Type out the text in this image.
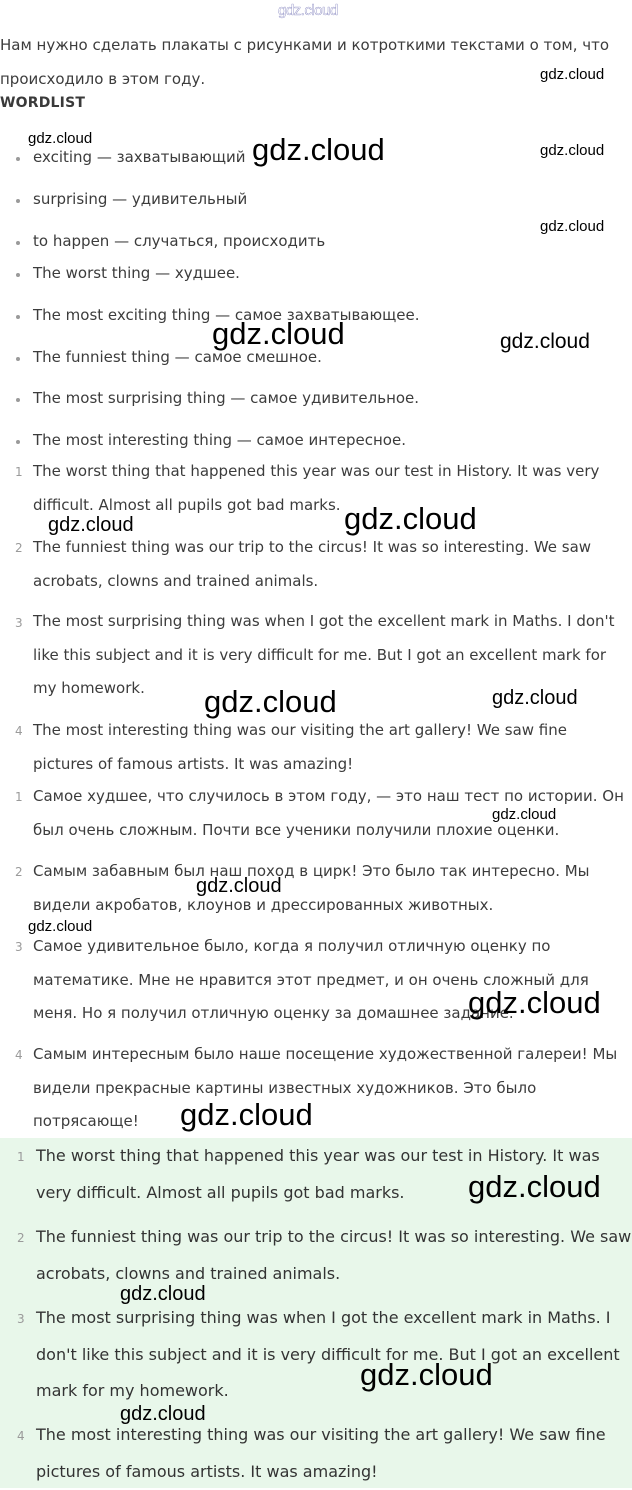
gdz.cloud
Нам нужно сделать плакаты с рисунками и котроткими текстами о том, что происходило в этом году.
WORDLIST
exciting — захватывающий
surprising — удивительный
to happen — случаться, происходить
The worst thing — худшее.
The most exciting thing — самое захватывающее.
The funniest thing — самое смешное.
The most surprising thing — самое удивительное.
The most interesting thing — самое интересное.
1 The worst thing that happened this year was our test in History. It was very difficult. Almost all pupils got bad marks.
2 The funniest thing was our trip to the circus! It was so interesting. We saw acrobats, clowns and trained animals.
3 The most surprising thing was when I got the excellent mark in Maths. I don't like this subject and it is very difficult for me. But I got an excellent mark for my homework.
4 The most interesting thing was our visiting the art gallery! We saw fine pictures of famous artists. It was amazing!
1 Самое худшее, что случилось в этом году, — это наш тест по истории. Он был очень сложным. Почти все ученики получили плохие оценки.
2 Самым забавным был наш поход в цирк! Это было так интересно. Мы видели акробатов, клоунов и дрессированных животных.
3 Самое удивительное было, когда я получил отличную оценку по математике. Мне не нравится этот предмет, и он очень сложный для меня. Но я получил отличную оценку за домашнее задание.
4 Самым интересным было наше посещение художественной галереи! Мы видели прекрасные картины известных художников. Это было потрясающе!
1 The worst thing that happened this year was our test in History. It was very difficult. Almost all pupils got bad marks.
2 The funniest thing was our trip to the circus! It was so interesting. We saw acrobats, clowns and trained animals.
3 The most surprising thing was when I got the excellent mark in Maths. I don't like this subject and it is very difficult for me. But I got an excellent mark for my homework.
4 The most interesting thing was our visiting the art gallery! We saw fine pictures of famous artists. It was amazing!
gdz.cloud
gdz.cloud	gdz.cloud	gdz.cloud
gdz.cloud
gdz.cloud	gdz.cloud
gdz.cloud
gdz.cloud
gdz.cloud	gdz.cloud
gdz.cloud
gdz.cloud
gdz.cloud
gdz.cloud
gdz.cloud
gdz.cloud
gdz.cloud
gdz.cloud
gdz.cloud
